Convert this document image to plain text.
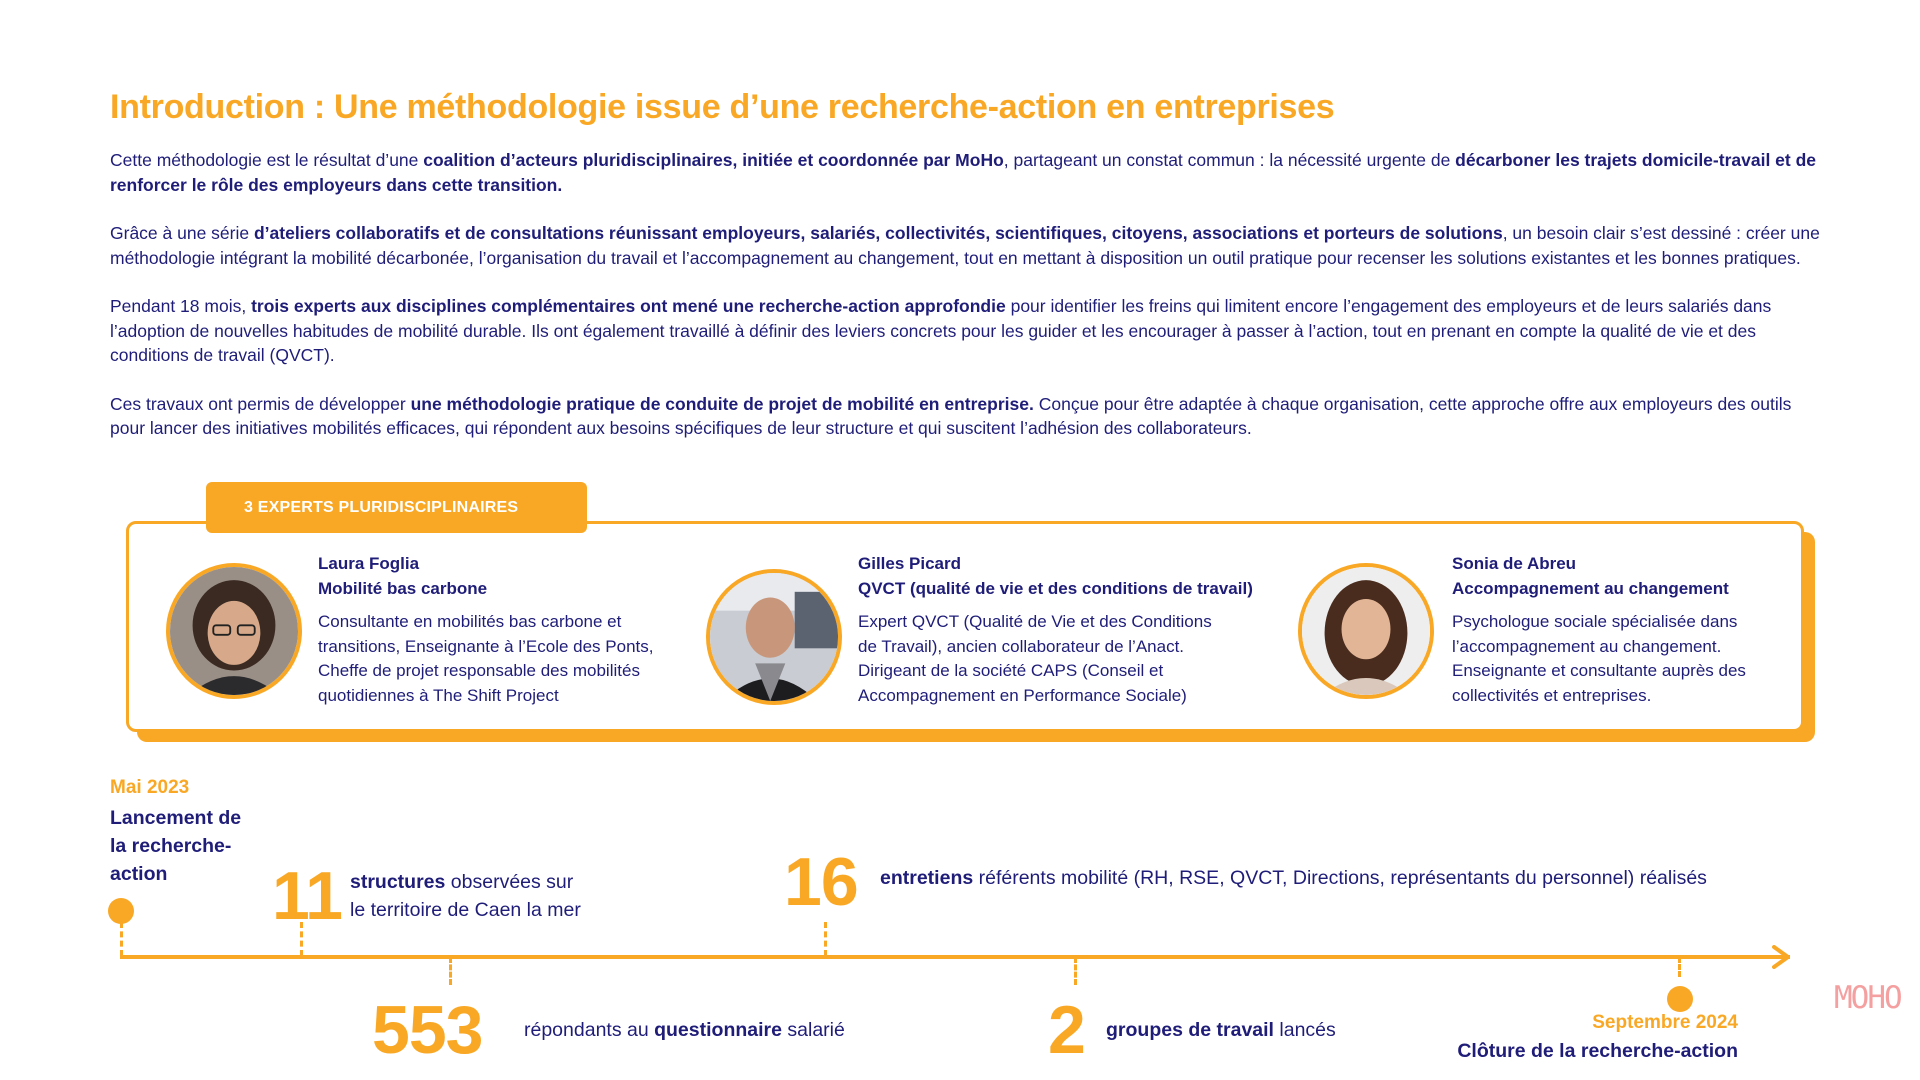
Introduction : Une méthodologie issue d’une recherche-action en entreprises

Cette méthodologie est le résultat d’une coalition d’acteurs pluridisciplinaires, initiée et coordonnée par MoHo, partageant un constat commun : la nécessité urgente de décarboner les trajets domicile-travail et de renforcer le rôle des employeurs dans cette transition.

Grâce à une série d’ateliers collaboratifs et de consultations réunissant employeurs, salariés, collectivités, scientifiques, citoyens, associations et porteurs de solutions, un besoin clair s’est dessiné : créer une méthodologie intégrant la mobilité décarbonée, l’organisation du travail et l’accompagnement au changement, tout en mettant à disposition un outil pratique pour recenser les solutions existantes et les bonnes pratiques.

Pendant 18 mois, trois experts aux disciplines complémentaires ont mené une recherche-action approfondie pour identifier les freins qui limitent encore l’engagement des employeurs et de leurs salariés dans l’adoption de nouvelles habitudes de mobilité durable. Ils ont également travaillé à définir des leviers concrets pour les guider et les encourager à passer à l’action, tout en prenant en compte la qualité de vie et des conditions de travail (QVCT).

Ces travaux ont permis de développer une méthodologie pratique de conduite de projet de mobilité en entreprise. Conçue pour être adaptée à chaque organisation, cette approche offre aux employeurs des outils pour lancer des initiatives mobilités efficaces, qui répondent aux besoins spécifiques de leur structure et qui suscitent l’adhésion des collaborateurs.

3 EXPERTS PLURIDISCIPLINAIRES
Laura Foglia
Mobilité bas carbone
Consultante en mobilités bas carbone et
transitions, Enseignante à l’Ecole des Ponts,
Cheffe de projet responsable des mobilités
quotidiennes à The Shift Project
Gilles Picard
QVCT (qualité de vie et des conditions de travail)
Expert QVCT (Qualité de Vie et des Conditions
de Travail), ancien collaborateur de l’Anact.
Dirigeant de la société CAPS (Conseil et
Accompagnement en Performance Sociale)
Sonia de Abreu
Accompagnement au changement
Psychologue sociale spécialisée dans
l’accompagnement au changement.
Enseignante et consultante auprès des
collectivités et entreprises.
Mai 2023
Lancement de
la recherche-
action	11 structures observées sur
le territoire de Caen la mer	16 entretiens référents mobilité (RH, RSE, QVCT, Directions, représentants du personnel) réalisés
553 répondants au questionnaire salarié	2 groupes de travail lancés	Septembre 2024
Clôture de la recherche-action
MOHO
